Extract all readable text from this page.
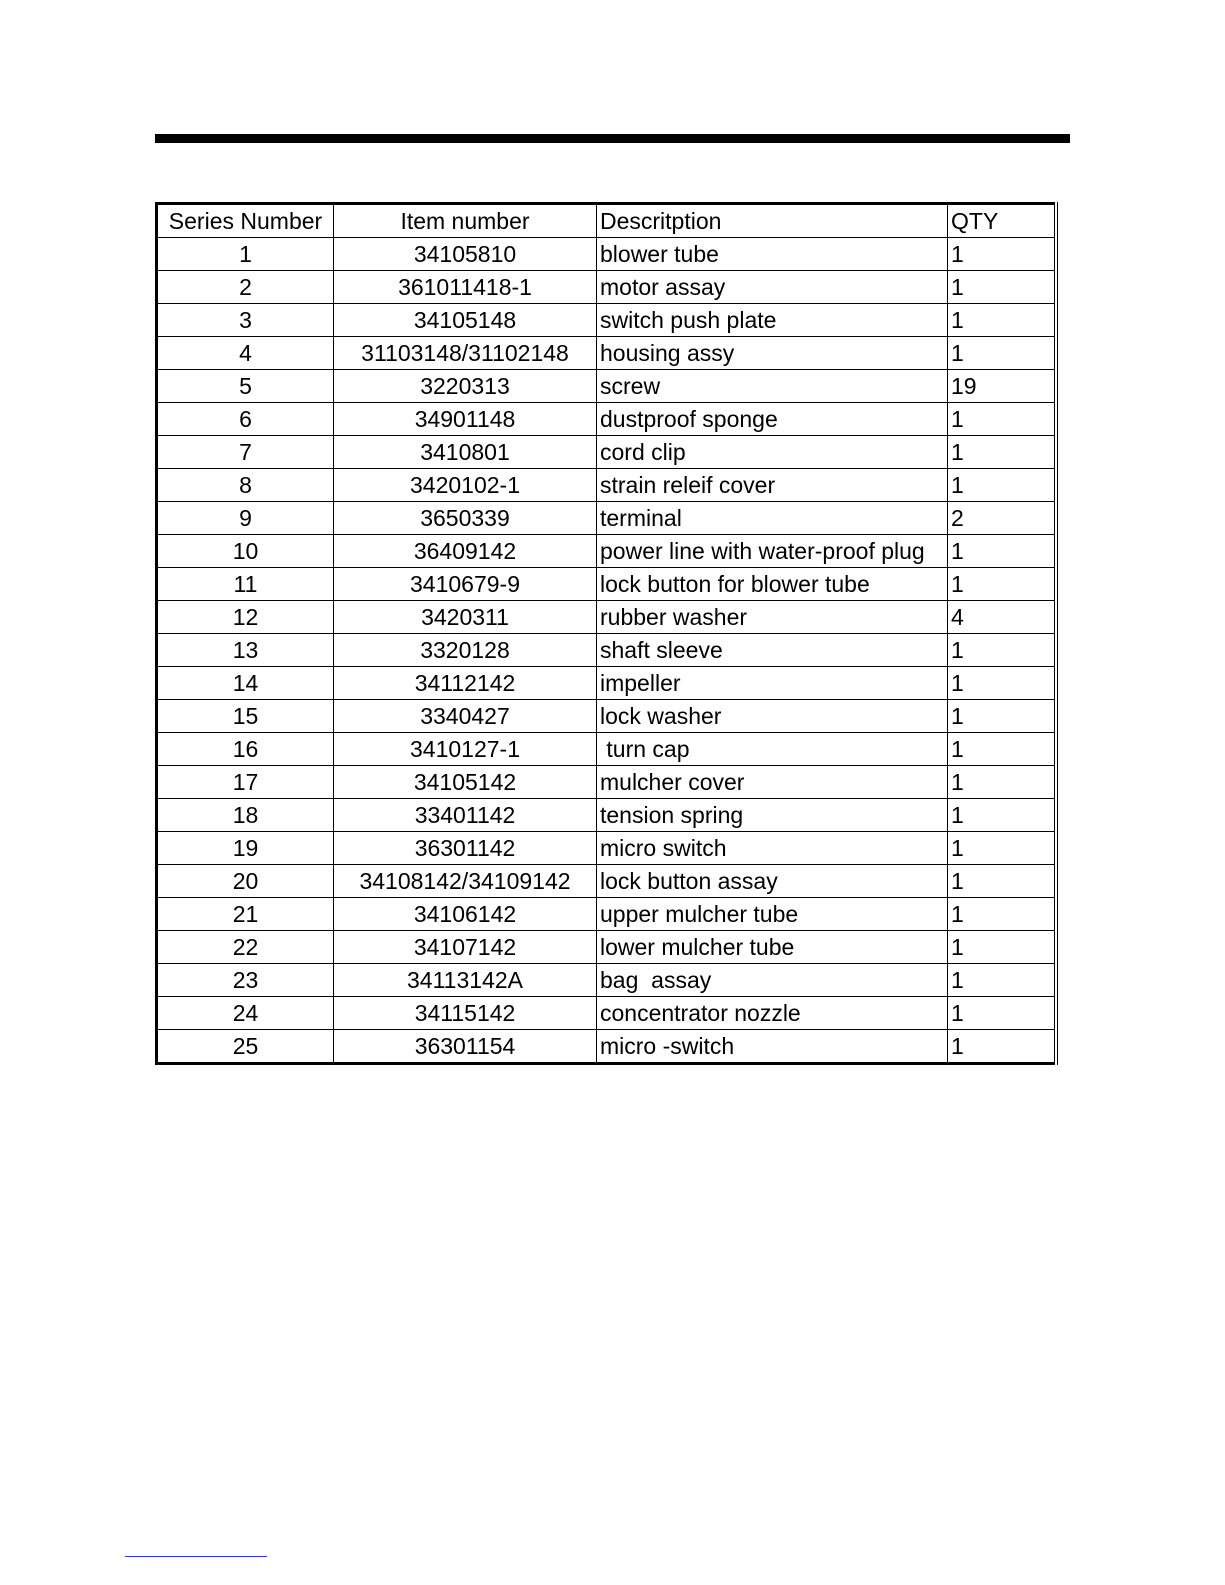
Series Number	Item number	Descritption	QTY
1	34105810	blower tube	1
2	361011418-1	motor assay	1
3	34105148	switch push plate	1
4	31103148/31102148	housing assy	1
5	3220313	screw	19
6	34901148	dustproof sponge	1
7	3410801	cord clip	1
8	3420102-1	strain releif cover	1
9	3650339	terminal	2
10	36409142	power line with water-proof plug	1
11	3410679-9	lock button for blower tube	1
12	3420311	rubber washer	4
13	3320128	shaft sleeve	1
14	34112142	impeller	1
15	3340427	lock washer	1
16	3410127-1	turn cap	1
17	34105142	mulcher cover	1
18	33401142	tension spring	1
19	36301142	micro switch	1
20	34108142/34109142	lock button assay	1
21	34106142	upper mulcher tube	1
22	34107142	lower mulcher tube	1
23	34113142A	bag  assay	1
24	34115142	concentrator nozzle	1
25	36301154	micro -switch	1
